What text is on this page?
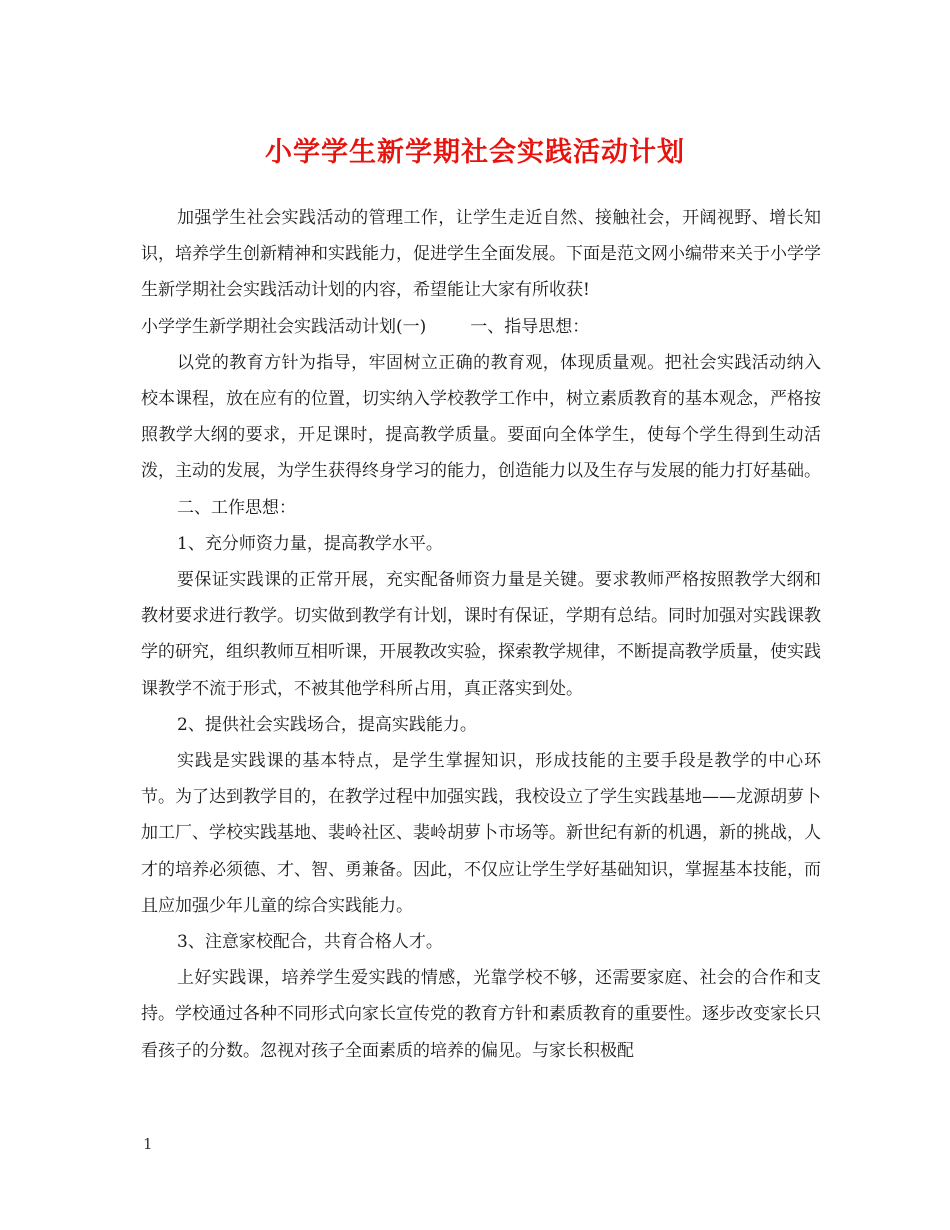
小学学生新学期社会实践活动计划

加强学生社会实践活动的管理工作，让学生走近自然、接触社会，开阔视野、增长知识，培养学生创新精神和实践能力，促进学生全面发展。下面是范文网小编带来关于小学学生新学期社会实践活动计划的内容，希望能让大家有所收获!

小学学生新学期社会实践活动计划(一)	一、指导思想：

以党的教育方针为指导，牢固树立正确的教育观，体现质量观。把社会实践活动纳入校本课程，放在应有的位置，切实纳入学校教学工作中，树立素质教育的基本观念，严格按照教学大纲的要求，开足课时，提高教学质量。要面向全体学生，使每个学生得到生动活泼，主动的发展，为学生获得终身学习的能力，创造能力以及生存与发展的能力打好基础。

二、工作思想：

1、充分师资力量，提高教学水平。

要保证实践课的正常开展，充实配备师资力量是关键。要求教师严格按照教学大纲和教材要求进行教学。切实做到教学有计划，课时有保证，学期有总结。同时加强对实践课教学的研究，组织教师互相听课，开展教改实验，探索教学规律，不断提高教学质量，使实践课教学不流于形式，不被其他学科所占用，真正落实到处。

2、提供社会实践场合，提高实践能力。

实践是实践课的基本特点，是学生掌握知识，形成技能的主要手段是教学的中心环节。为了达到教学目的，在教学过程中加强实践，我校设立了学生实践基地——龙源胡萝卜加工厂、学校实践基地、裴岭社区、裴岭胡萝卜市场等。新世纪有新的机遇，新的挑战，人才的培养必须德、才、智、勇兼备。因此，不仅应让学生学好基础知识，掌握基本技能，而且应加强少年儿童的综合实践能力。

3、注意家校配合，共育合格人才。

上好实践课，培养学生爱实践的情感，光靠学校不够，还需要家庭、社会的合作和支持。学校通过各种不同形式向家长宣传党的教育方针和素质教育的重要性。逐步改变家长只看孩子的分数。忽视对孩子全面素质的培养的偏见。与家长积极配

1
